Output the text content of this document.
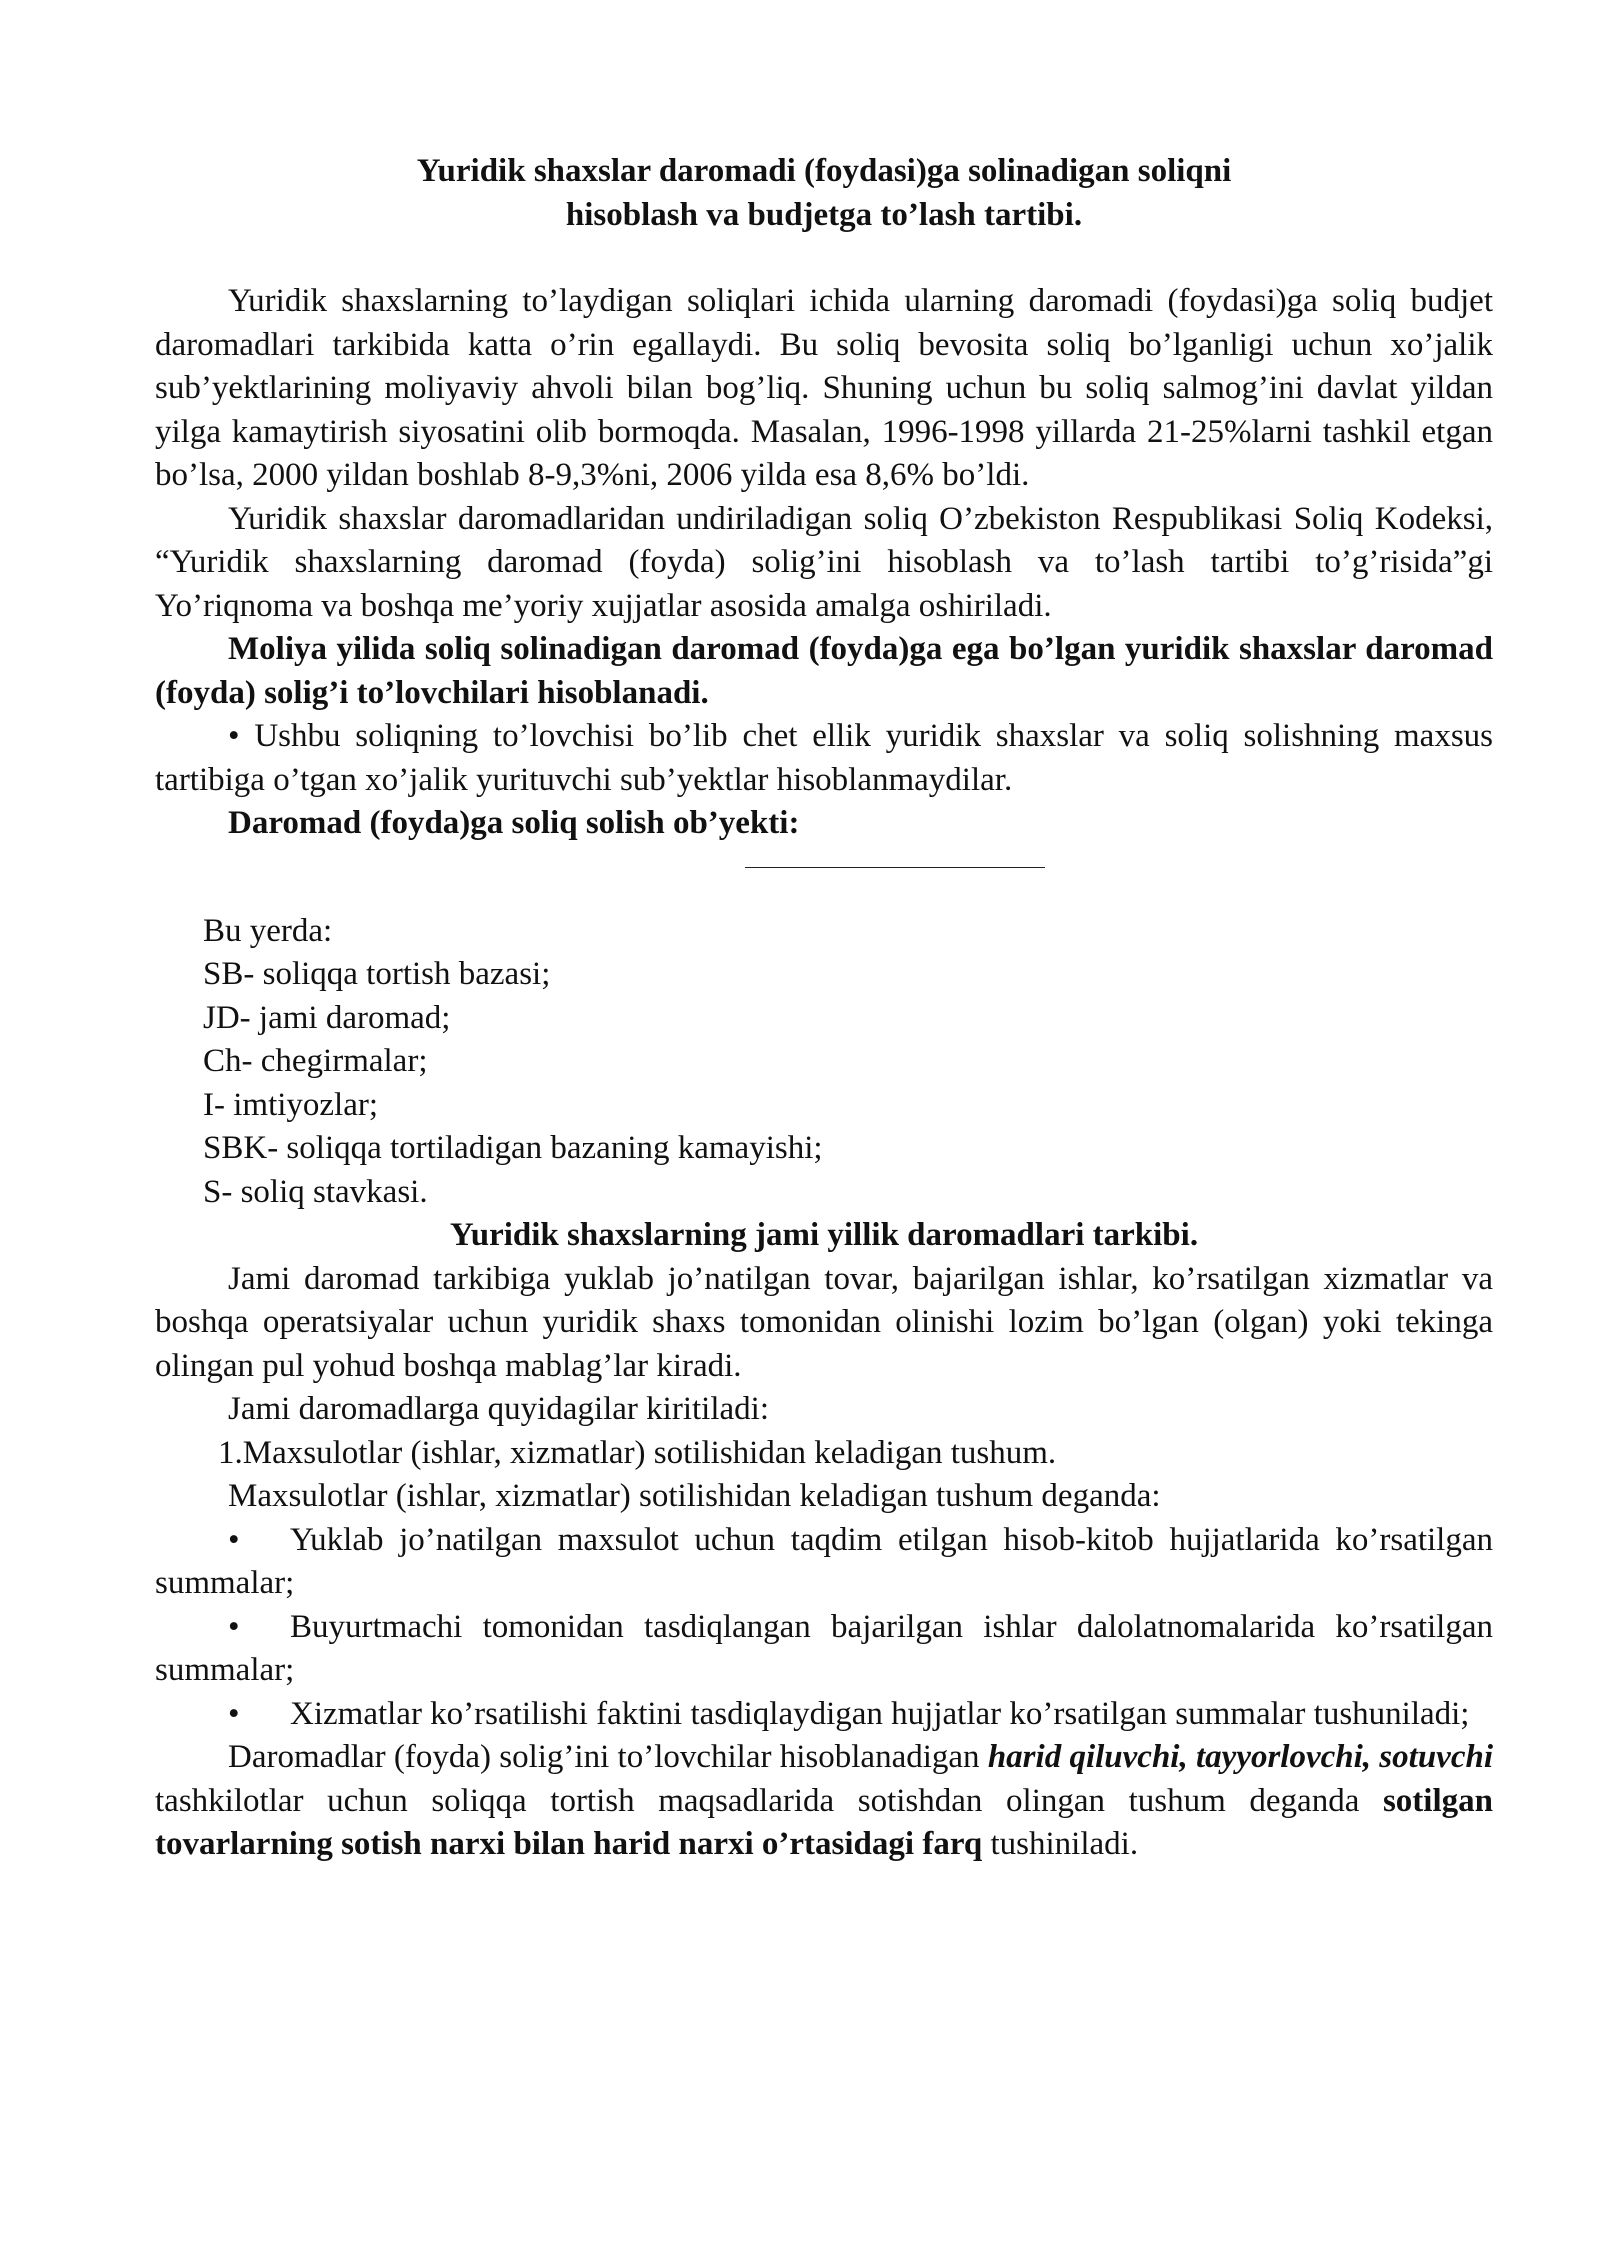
Yuridik shaxslar daromadi (foydasi)ga solinadigan soliqni
hisoblash va budjetga to’lash tartibi.

Yuridik shaxslarning to’laydigan soliqlari ichida ularning daromadi (foydasi)ga soliq budjet daromadlari tarkibida katta o’rin egallaydi. Bu soliq bevosita soliq bo’lganligi uchun xo’jalik sub’yektlarining moliyaviy ahvoli bilan bog’liq. Shuning uchun bu soliq salmog’ini davlat yildan yilga kamaytirish siyosatini olib bormoqda. Masalan, 1996-1998 yillarda 21-25%larni tashkil etgan bo’lsa, 2000 yildan boshlab 8-9,3%ni, 2006 yilda esa 8,6% bo’ldi.

Yuridik shaxslar daromadlaridan undiriladigan soliq O’zbekiston Respublikasi Soliq Kodeksi, “Yuridik shaxslarning daromad (foyda) solig’ini hisoblash va to’lash tartibi to’g’risida”gi Yo’riqnoma va boshqa me’yoriy xujjatlar asosida amalga oshiriladi.

Moliya yilida soliq solinadigan daromad (foyda)ga ega bo’lgan yuridik shaxslar daromad (foyda) solig’i to’lovchilari hisoblanadi.

• Ushbu soliqning to’lovchisi bo’lib chet ellik yuridik shaxslar va soliq solishning maxsus tartibiga o’tgan xo’jalik yurituvchi sub’yektlar hisoblanmaydilar.

Daromad (foyda)ga soliq solish ob’yekti:

Bu yerda:

SB- soliqqa tortish bazasi;

JD- jami daromad;

Ch- chegirmalar;

I- imtiyozlar;

SBK- soliqqa tortiladigan bazaning kamayishi;

S- soliq stavkasi.

Yuridik shaxslarning jami yillik daromadlari tarkibi.

Jami daromad tarkibiga yuklab jo’natilgan tovar, bajarilgan ishlar, ko’rsatilgan xizmatlar va boshqa operatsiyalar uchun yuridik shaxs tomonidan olinishi lozim bo’lgan (olgan) yoki tekinga olingan pul yohud boshqa mablag’lar kiradi.

Jami daromadlarga quyidagilar kiritiladi:

1.Maxsulotlar (ishlar, xizmatlar) sotilishidan keladigan tushum.

Maxsulotlar (ishlar, xizmatlar) sotilishidan keladigan tushum deganda:

• Yuklab jo’natilgan maxsulot uchun taqdim etilgan hisob-kitob hujjatlarida ko’rsatilgan summalar;

• Buyurtmachi tomonidan tasdiqlangan bajarilgan ishlar dalolatnomalarida ko’rsatilgan summalar;

• Xizmatlar ko’rsatilishi faktini tasdiqlaydigan hujjatlar ko’rsatilgan summalar tushuniladi;

Daromadlar (foyda) solig’ini to’lovchilar hisoblanadigan harid qiluvchi, tayyorlovchi, sotuvchi tashkilotlar uchun soliqqa tortish maqsadlarida sotishdan olingan tushum deganda sotilgan tovarlarning sotish narxi bilan harid narxi o’rtasidagi farq tushiniladi.
